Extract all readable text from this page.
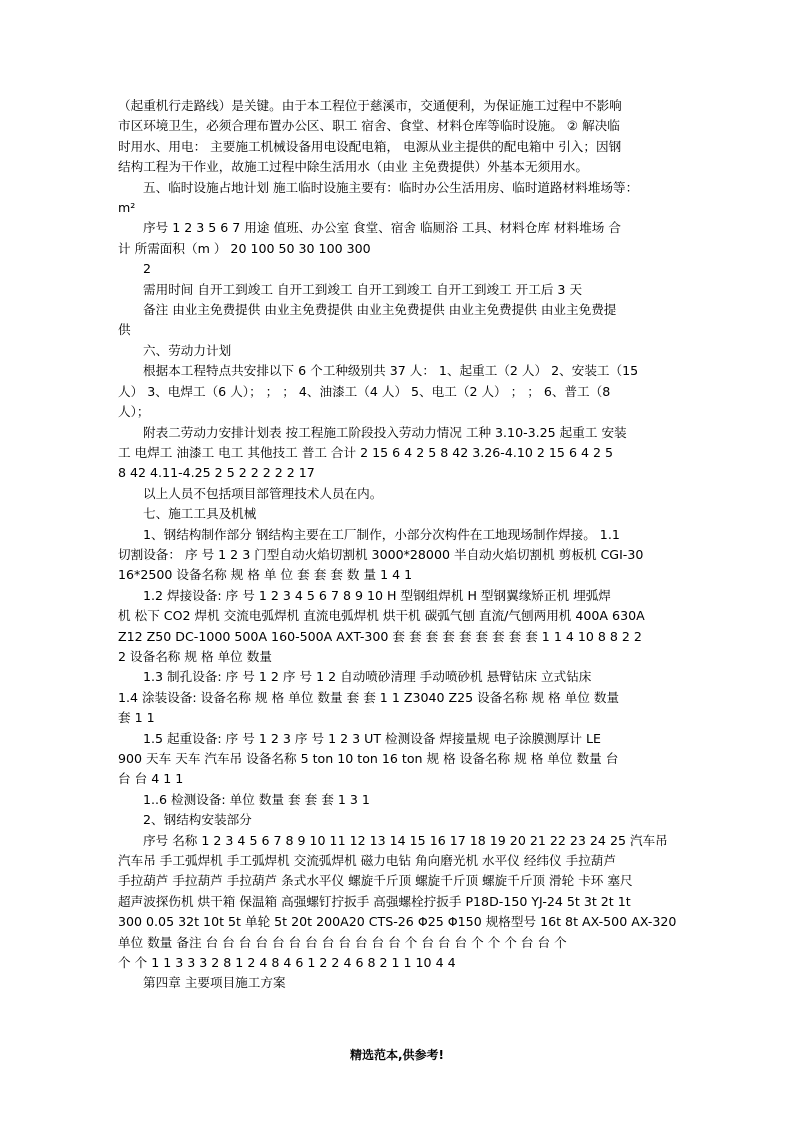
（起重机行走路线）是关键。由于本工程位于慈溪市，交通便利，为保证施工过程中不影响

市区环境卫生，必须合理布置办公区、职工 宿舍、食堂、材料仓库等临时设施。 ② 解决临

时用水、用电： 主要施工机械设备用电设配电箱， 电源从业主提供的配电箱中 引入；因钢

结构工程为干作业，故施工过程中除生活用水（由业 主免费提供）外基本无须用水。

五、临时设施占地计划 施工临时设施主要有：临时办公生活用房、临时道路材料堆场等：

m²

序号 1 2 3 5 6 7 用途 值班、办公室 食堂、宿舍 临厕浴 工具、材料仓库 材料堆场 合

计 所需面积（m ） 20 100 50 30 100 300

2

需用时间 自开工到竣工 自开工到竣工 自开工到竣工 自开工到竣工 开工后 3 天

备注 由业主免费提供 由业主免费提供 由业主免费提供 由业主免费提供 由业主免费提

供

六、劳动力计划

根据本工程特点共安排以下 6 个工种级别共 37 人： 1、起重工（2 人） 2、安装工（15

人） 3、电焊工（6 人）； ； ； 4、油漆工（4 人） 5、电工（2 人） ； ； 6、普工（8

人）；

附表二劳动力安排计划表 按工程施工阶段投入劳动力情况 工种 3.10-3.25 起重工 安装

工 电焊工 油漆工 电工 其他技工 普工 合计 2 15 6 4 2 5 8 42 3.26-4.10 2 15 6 4 2 5

8 42 4.11-4.25 2 5 2 2 2 2 2 17

以上人员不包括项目部管理技术人员在内。

七、施工工具及机械

1、钢结构制作部分 钢结构主要在工厂制作，小部分次构件在工地现场制作焊接。 1.1

切割设备： 序 号 1 2 3 门型自动火焰切割机 3000*28000 半自动火焰切割机 剪板机 CGI-30

16*2500 设备名称 规 格 单 位 套 套 套 数 量 1 4 1

1.2 焊接设备: 序 号 1 2 3 4 5 6 7 8 9 10 H 型钢组焊机 H 型钢翼缘矫正机 埋弧焊

机 松下 CO2 焊机 交流电弧焊机 直流电弧焊机 烘干机 碳弧气刨 直流/气刨两用机 400A 630A

Z12 Z50 DC-1000 500A 160-500A AXT-300 套 套 套 套 套 套 套 套 套 1 1 4 10 8 8 2 2

2 设备名称 规 格 单位 数量

1.3 制孔设备: 序 号 1 2 序 号 1 2 自动喷砂清理 手动喷砂机 悬臂钻床 立式钻床

1.4 涂装设备: 设备名称 规 格 单位 数量 套 套 1 1 Z3040 Z25 设备名称 规 格 单位 数量

套 1 1

1.5 起重设备: 序 号 1 2 3 序 号 1 2 3 UT 检测设备 焊接量规 电子涂膜测厚计 LE

900 天车 天车 汽车吊 设备名称 5 ton 10 ton 16 ton 规 格 设备名称 规 格 单位 数量 台

台 台 4 1 1

1..6 检测设备: 单位 数量 套 套 套 1 3 1

2、钢结构安装部分

序号 名称 1 2 3 4 5 6 7 8 9 10 11 12 13 14 15 16 17 18 19 20 21 22 23 24 25 汽车吊

汽车吊 手工弧焊机 手工弧焊机 交流弧焊机 磁力电钻 角向磨光机 水平仪 经纬仪 手拉葫芦

手拉葫芦 手拉葫芦 手拉葫芦 条式水平仪 螺旋千斤顶 螺旋千斤顶 螺旋千斤顶 滑轮 卡环 塞尺

超声波探伤机 烘干箱 保温箱 高强螺钉拧扳手 高强螺栓拧扳手 P18D-150 YJ-24 5t 3t 2t 1t

300 0.05 32t 10t 5t 单轮 5t 20t 200A20 CTS-26 Φ25 Φ150 规格型号 16t 8t AX-500 AX-320

单位 数量 备注 台 台 台 台 台 台 台 台 台 台 台 台 个 台 台 台 个 个 个 台 台 个

个 个 1 1 3 3 3 2 8 1 2 4 8 4 6 1 2 2 4 6 8 2 1 1 10 4 4

第四章 主要项目施工方案

精选范本,供参考!
